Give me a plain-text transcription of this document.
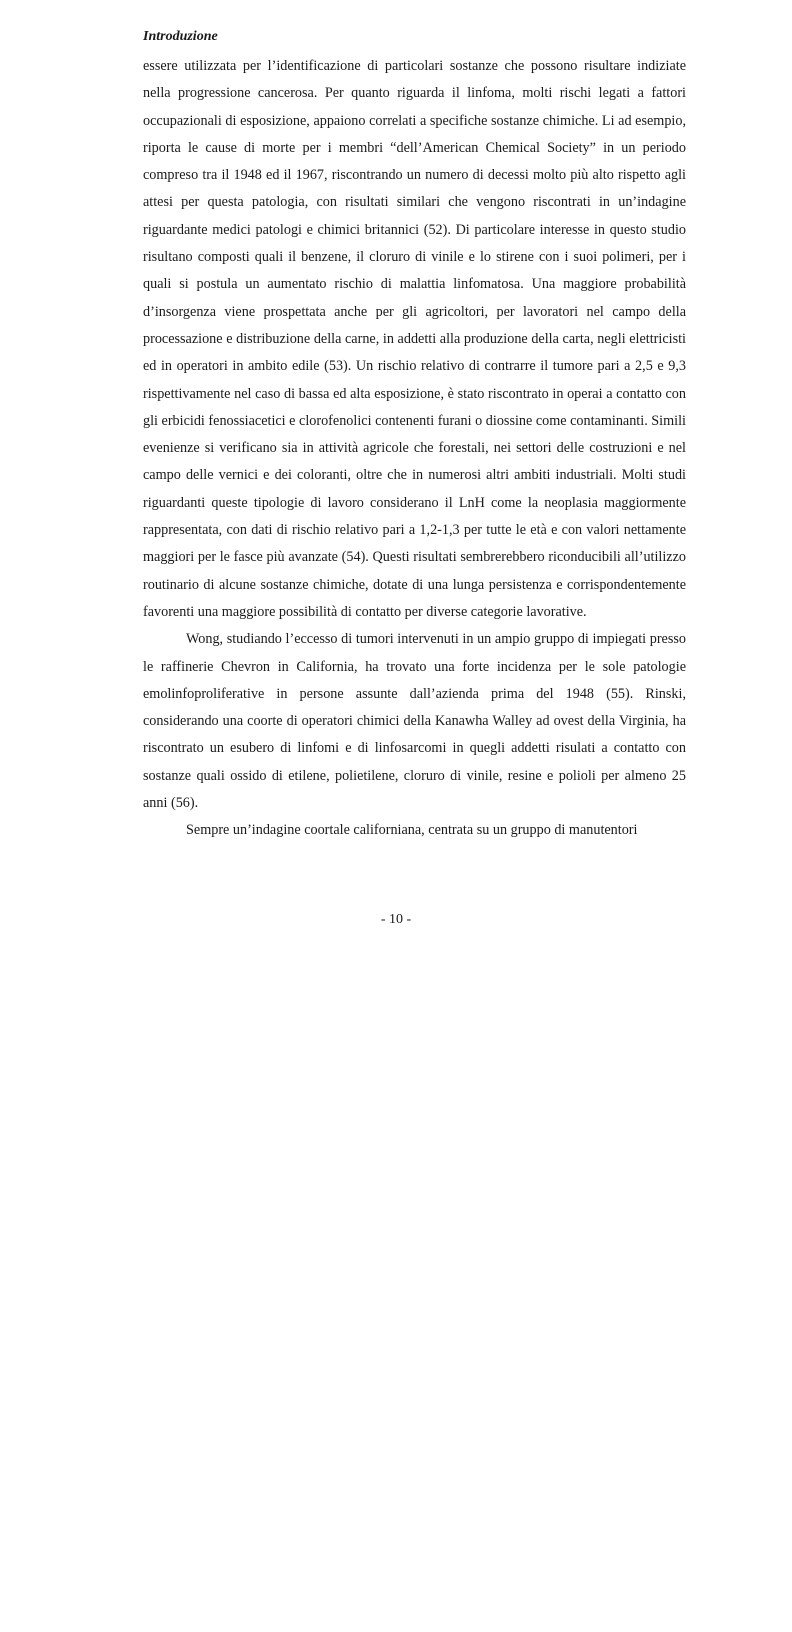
Introduzione

essere utilizzata per l’identificazione di particolari sostanze che possono risultare indiziate nella progressione cancerosa. Per quanto riguarda il linfoma, molti rischi legati a fattori occupazionali di esposizione, appaiono correlati a specifiche sostanze chimiche. Li ad esempio, riporta le cause di morte per i membri “dell’American Chemical Society” in un periodo compreso tra il 1948 ed il 1967, riscontrando un numero di decessi molto più alto rispetto agli attesi per questa patologia, con risultati similari che vengono riscontrati in un’indagine riguardante medici patologi e chimici britannici (52). Di particolare interesse in questo studio risultano composti quali il benzene, il cloruro di vinile e lo stirene con i suoi polimeri, per i quali si postula un aumentato rischio di malattia linfomatosa. Una maggiore probabilità d’insorgenza viene prospettata anche per gli agricoltori, per lavoratori nel campo della processazione e distribuzione della carne, in addetti alla produzione della carta, negli elettricisti ed in operatori in ambito edile (53). Un rischio relativo di contrarre il tumore pari a 2,5 e 9,3 rispettivamente nel caso di bassa ed alta esposizione, è stato riscontrato in operai a contatto con gli erbicidi fenossiacetici e clorofenolici contenenti furani o diossine come contaminanti. Simili evenienze si verificano sia in attività agricole che forestali, nei settori delle costruzioni e nel campo delle vernici e dei coloranti, oltre che in numerosi altri ambiti industriali. Molti studi riguardanti queste tipologie di lavoro considerano il LnH come la neoplasia maggiormente rappresentata, con dati di rischio relativo pari a 1,2-1,3 per tutte le età e con valori nettamente maggiori per le fasce più avanzate (54). Questi risultati sembrerebbero riconducibili all’utilizzo routinario di alcune sostanze chimiche, dotate di una lunga persistenza e corrispondentemente favorenti una maggiore possibilità di contatto per diverse categorie lavorative.

Wong, studiando l’eccesso di tumori intervenuti in un ampio gruppo di impiegati presso le raffinerie Chevron in California, ha trovato una forte incidenza per le sole patologie emolinfoproliferative in persone assunte dall’azienda prima del 1948 (55). Rinski, considerando una coorte di operatori chimici della Kanawha Walley ad ovest della Virginia, ha riscontrato un esubero di linfomi e di linfosarcomi in quegli addetti risulati a contatto con sostanze quali ossido di etilene, polietilene, cloruro di vinile, resine e polioli per almeno 25 anni (56).

Sempre un’indagine coortale californiana, centrata su un gruppo di manutentori

- 10 -
